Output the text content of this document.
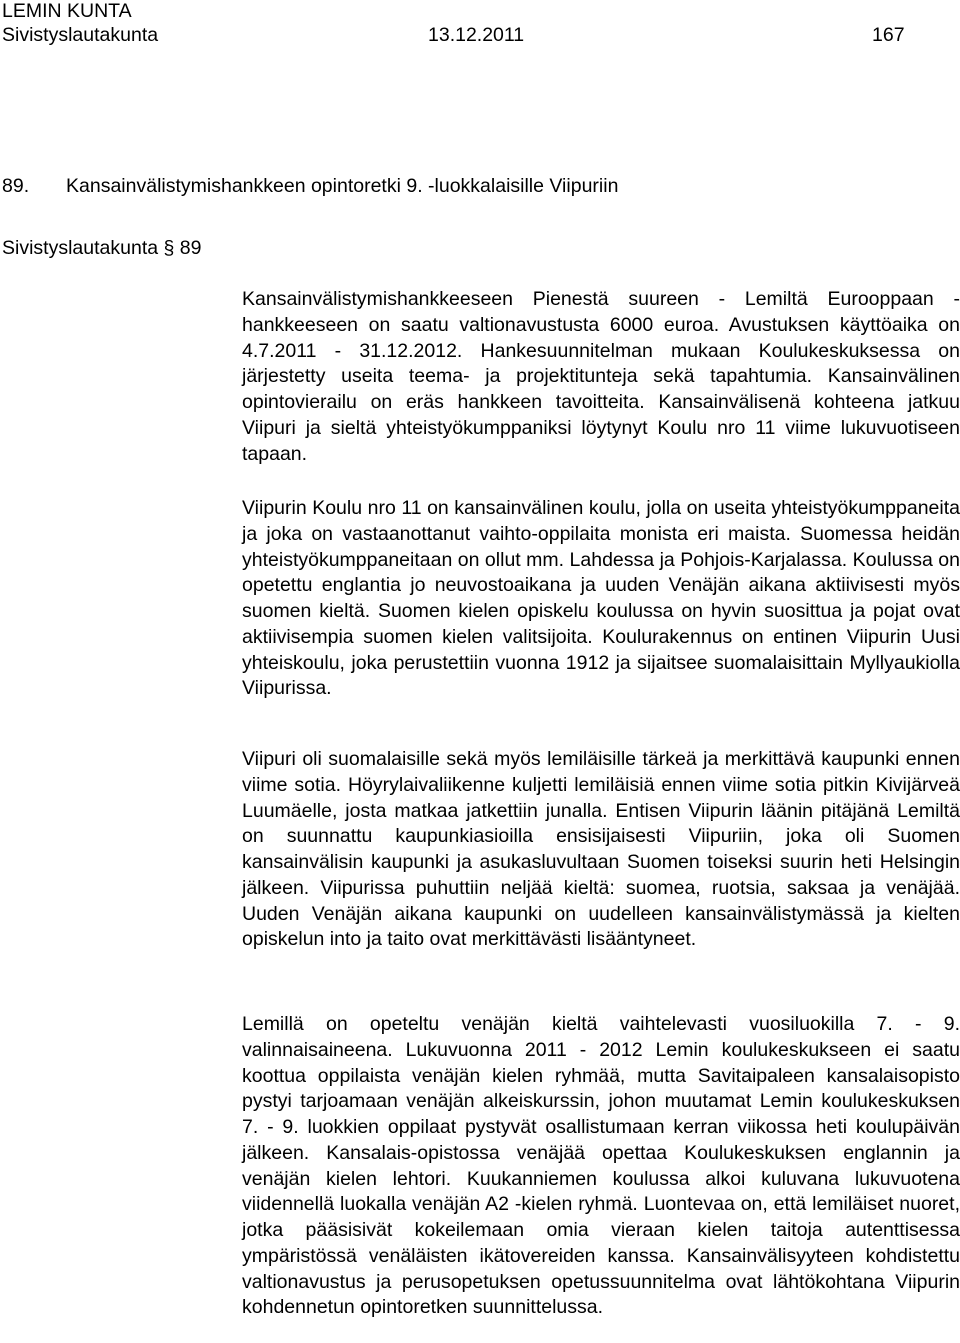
LEMIN KUNTA
Sivistyslautakunta	13.12.2011	167
89. Kansainvälistymishankkeen opintoretki 9. -luokkalaisille Viipuriin
Sivistyslautakunta § 89
Kansainvälistymishankkeeseen Pienestä suureen - Lemiltä Eurooppaan -hankkeeseen on saatu valtionavustusta 6000 euroa. Avustuksen käyttöaika on 4.7.2011 - 31.12.2012. Hankesuunnitelman mukaan Koulukeskuksessa on järjestetty useita teema- ja projektitunteja sekä tapahtumia. Kansainvälinen opintovierailu on eräs hankkeen tavoitteita. Kansainvälisenä kohteena jatkuu Viipuri ja sieltä yhteistyökumppaniksi löytynyt Koulu nro 11 viime lukuvuotiseen tapaan.
Viipurin Koulu nro 11 on kansainvälinen koulu, jolla on useita yhteistyökumppaneita ja joka on vastaanottanut vaihto-oppilaita monista eri maista. Suomessa heidän yhteistyökumppaneitaan on ollut mm. Lahdessa ja Pohjois-Karjalassa. Koulussa on opetettu englantia jo neuvostoaikana ja uuden Venäjän aikana aktiivisesti myös suomen kieltä. Suomen kielen opiskelu koulussa on hyvin suosittua ja pojat ovat aktiivisempia suomen kielen valitsijoita. Koulurakennus on entinen Viipurin Uusi yhteiskoulu, joka perustettiin vuonna 1912 ja sijaitsee suomalaisittain Myllyaukiolla Viipurissa.
Viipuri oli suomalaisille sekä myös lemiläisille tärkeä ja merkittävä kaupunki ennen viime sotia. Höyrylaivaliikenne kuljetti lemiläisiä ennen viime sotia pitkin Kivijärveä Luumäelle, josta matkaa jatkettiin junalla. Entisen Viipurin läänin pitäjänä Lemiltä on suunnattu kaupunkiasioilla ensisijaisesti Viipuriin, joka oli Suomen kansainvälisin kaupunki ja asukasluvultaan Suomen toiseksi suurin heti Helsingin jälkeen. Viipurissa puhuttiin neljää kieltä: suomea, ruotsia, saksaa ja venäjää. Uuden Venäjän aikana kaupunki on uudelleen kansainvälistymässä ja kielten opiskelun into ja taito ovat merkittävästi lisääntyneet.
Lemillä on opeteltu venäjän kieltä vaihtelevasti vuosiluokilla 7. - 9. valinnaisaineena. Lukuvuonna 2011 - 2012 Lemin koulukeskukseen ei saatu koottua oppilaista venäjän kielen ryhmää, mutta Savitaipaleen kansalaisopisto pystyi tarjoamaan venäjän alkeiskurssin, johon muutamat Lemin koulukeskuksen 7. - 9. luokkien oppilaat pystyvät osallistumaan kerran viikossa heti koulupäivän jälkeen. Kansalais-opistossa venäjää opettaa Koulukeskuksen englannin ja venäjän kielen lehtori. Kuukanniemen koulussa alkoi kuluvana lukuvuotena viidennellä luokalla venäjän A2 -kielen ryhmä. Luontevaa on, että lemiläiset nuoret, jotka pääsisivät kokeilemaan omia vieraan kielen taitoja autenttisessa ympäristössä venäläisten ikätovereiden kanssa. Kansainvälisyyteen kohdistettu valtionavustus ja perusopetuksen opetussuunnitelma ovat lähtökohtana Viipurin kohdennetun opintoretken suunnittelussa.
